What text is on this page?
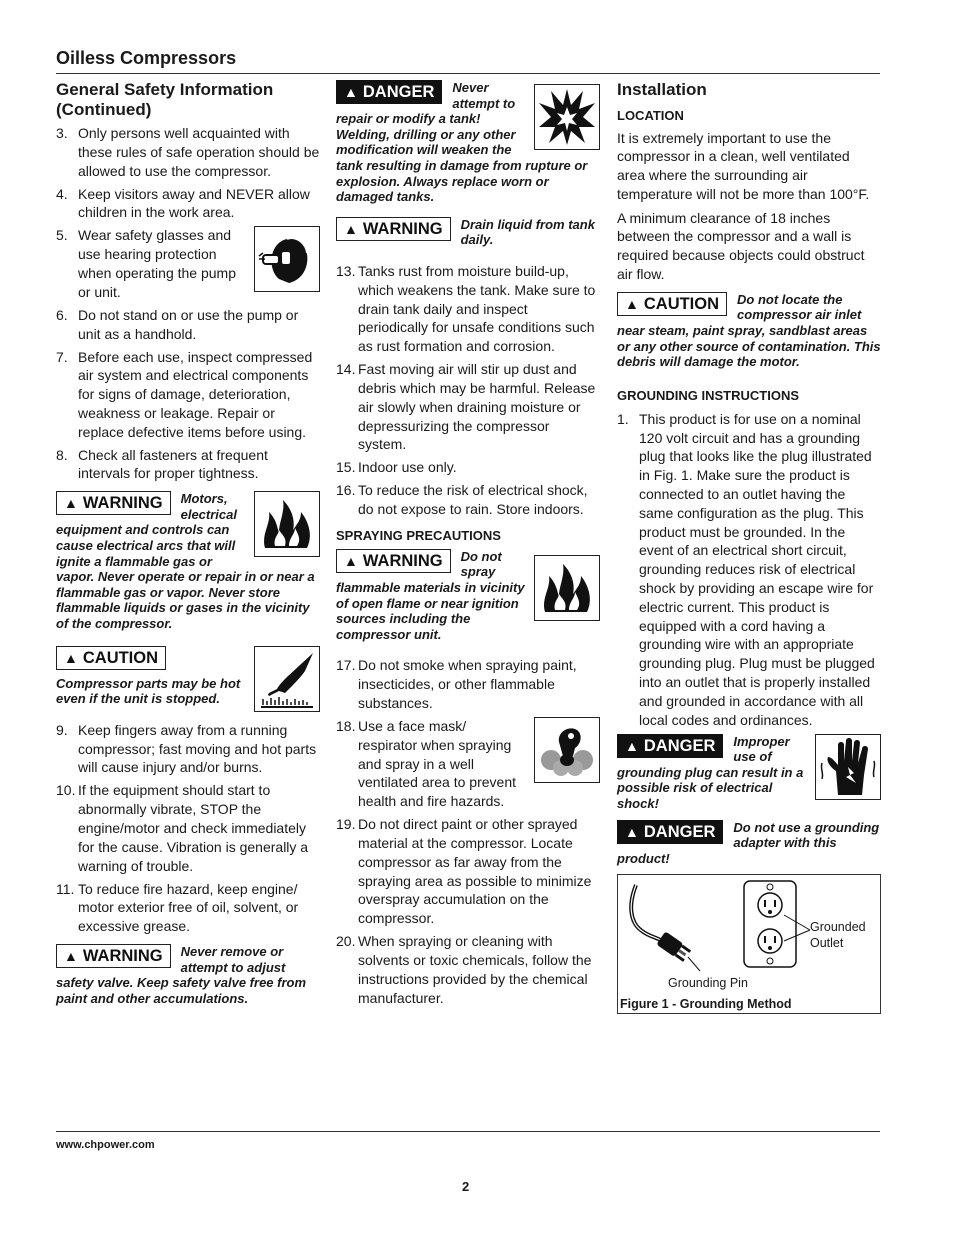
Oilless Compressors
General Safety Information (Continued)
3. Only persons well acquainted with these rules of safe operation should be allowed to use the compressor.
4. Keep visitors away and NEVER allow children in the work area.
5. Wear safety glasses and use hearing protection when operating the pump or unit.
6. Do not stand on or use the pump or unit as a handhold.
7. Before each use, inspect compressed air system and electrical components for signs of damage, deterioration, weakness or leakage. Repair or replace defective items before using.
8. Check all fasteners at frequent intervals for proper tightness.
▲ WARNING Motors, electrical equipment and controls can cause electrical arcs that will ignite a flammable gas or vapor. Never operate or repair in or near a flammable gas or vapor. Never store flammable liquids or gases in the vicinity of the compressor.
▲ CAUTION
Compressor parts may be hot even if the unit is stopped.
9. Keep fingers away from a running compressor; fast moving and hot parts will cause injury and/or burns.
10. If the equipment should start to abnormally vibrate, STOP the engine/motor and check immediately for the cause. Vibration is generally a warning of trouble.
11. To reduce fire hazard, keep engine/ motor exterior free of oil, solvent, or excessive grease.
▲ WARNING Never remove or attempt to adjust safety valve. Keep safety valve free from paint and other accumulations.
▲ DANGER Never attempt to repair or modify a tank! Welding, drilling or any other modification will weaken the tank resulting in damage from rupture or explosion. Always replace worn or damaged tanks.
▲ WARNING Drain liquid from tank daily.
13. Tanks rust from moisture build-up, which weakens the tank. Make sure to drain tank daily and inspect periodically for unsafe conditions such as rust formation and corrosion.
14. Fast moving air will stir up dust and debris which may be harmful. Release air slowly when draining moisture or depressurizing the compressor system.
15. Indoor use only.
16. To reduce the risk of electrical shock, do not expose to rain. Store indoors.
SPRAYING PRECAUTIONS
▲ WARNING Do not spray flammable materials in vicinity of open flame or near ignition sources including the compressor unit.
17. Do not smoke when spraying paint, insecticides, or other flammable substances.
18. Use a face mask/ respirator when spraying and spray in a well ventilated area to prevent health and fire hazards.
19. Do not direct paint or other sprayed material at the compressor. Locate compressor as far away from the spraying area as possible to minimize overspray accumulation on the compressor.
20. When spraying or cleaning with solvents or toxic chemicals, follow the instructions provided by the chemical manufacturer.
Installation
LOCATION

It is extremely important to use the compressor in a clean, well ventilated area where the surrounding air temperature will not be more than 100°F.

A minimum clearance of 18 inches between the compressor and a wall is required because objects could obstruct air flow.

▲ CAUTION Do not locate the compressor air inlet near steam, paint spray, sandblast areas or any other source of contamination. This debris will damage the motor.
GROUNDING INSTRUCTIONS
1. This product is for use on a nominal 120 volt circuit and has a grounding plug that looks like the plug illustrated in Fig. 1. Make sure the product is connected to an outlet having the same configuration as the plug. This product must be grounded. In the event of an electrical short circuit, grounding reduces risk of electrical shock by providing an escape wire for electric current. This product is equipped with a cord having a grounding wire with an appropriate grounding plug. Plug must be plugged into an outlet that is properly installed and grounded in accordance with all local codes and ordinances.
▲ DANGER Improper use of grounding plug can result in a possible risk of electrical shock!
▲ DANGER Do not use a grounding adapter with this product!
Grounded Outlet
Grounding Pin
Figure 1 - Grounding Method
www.chpower.com
2
